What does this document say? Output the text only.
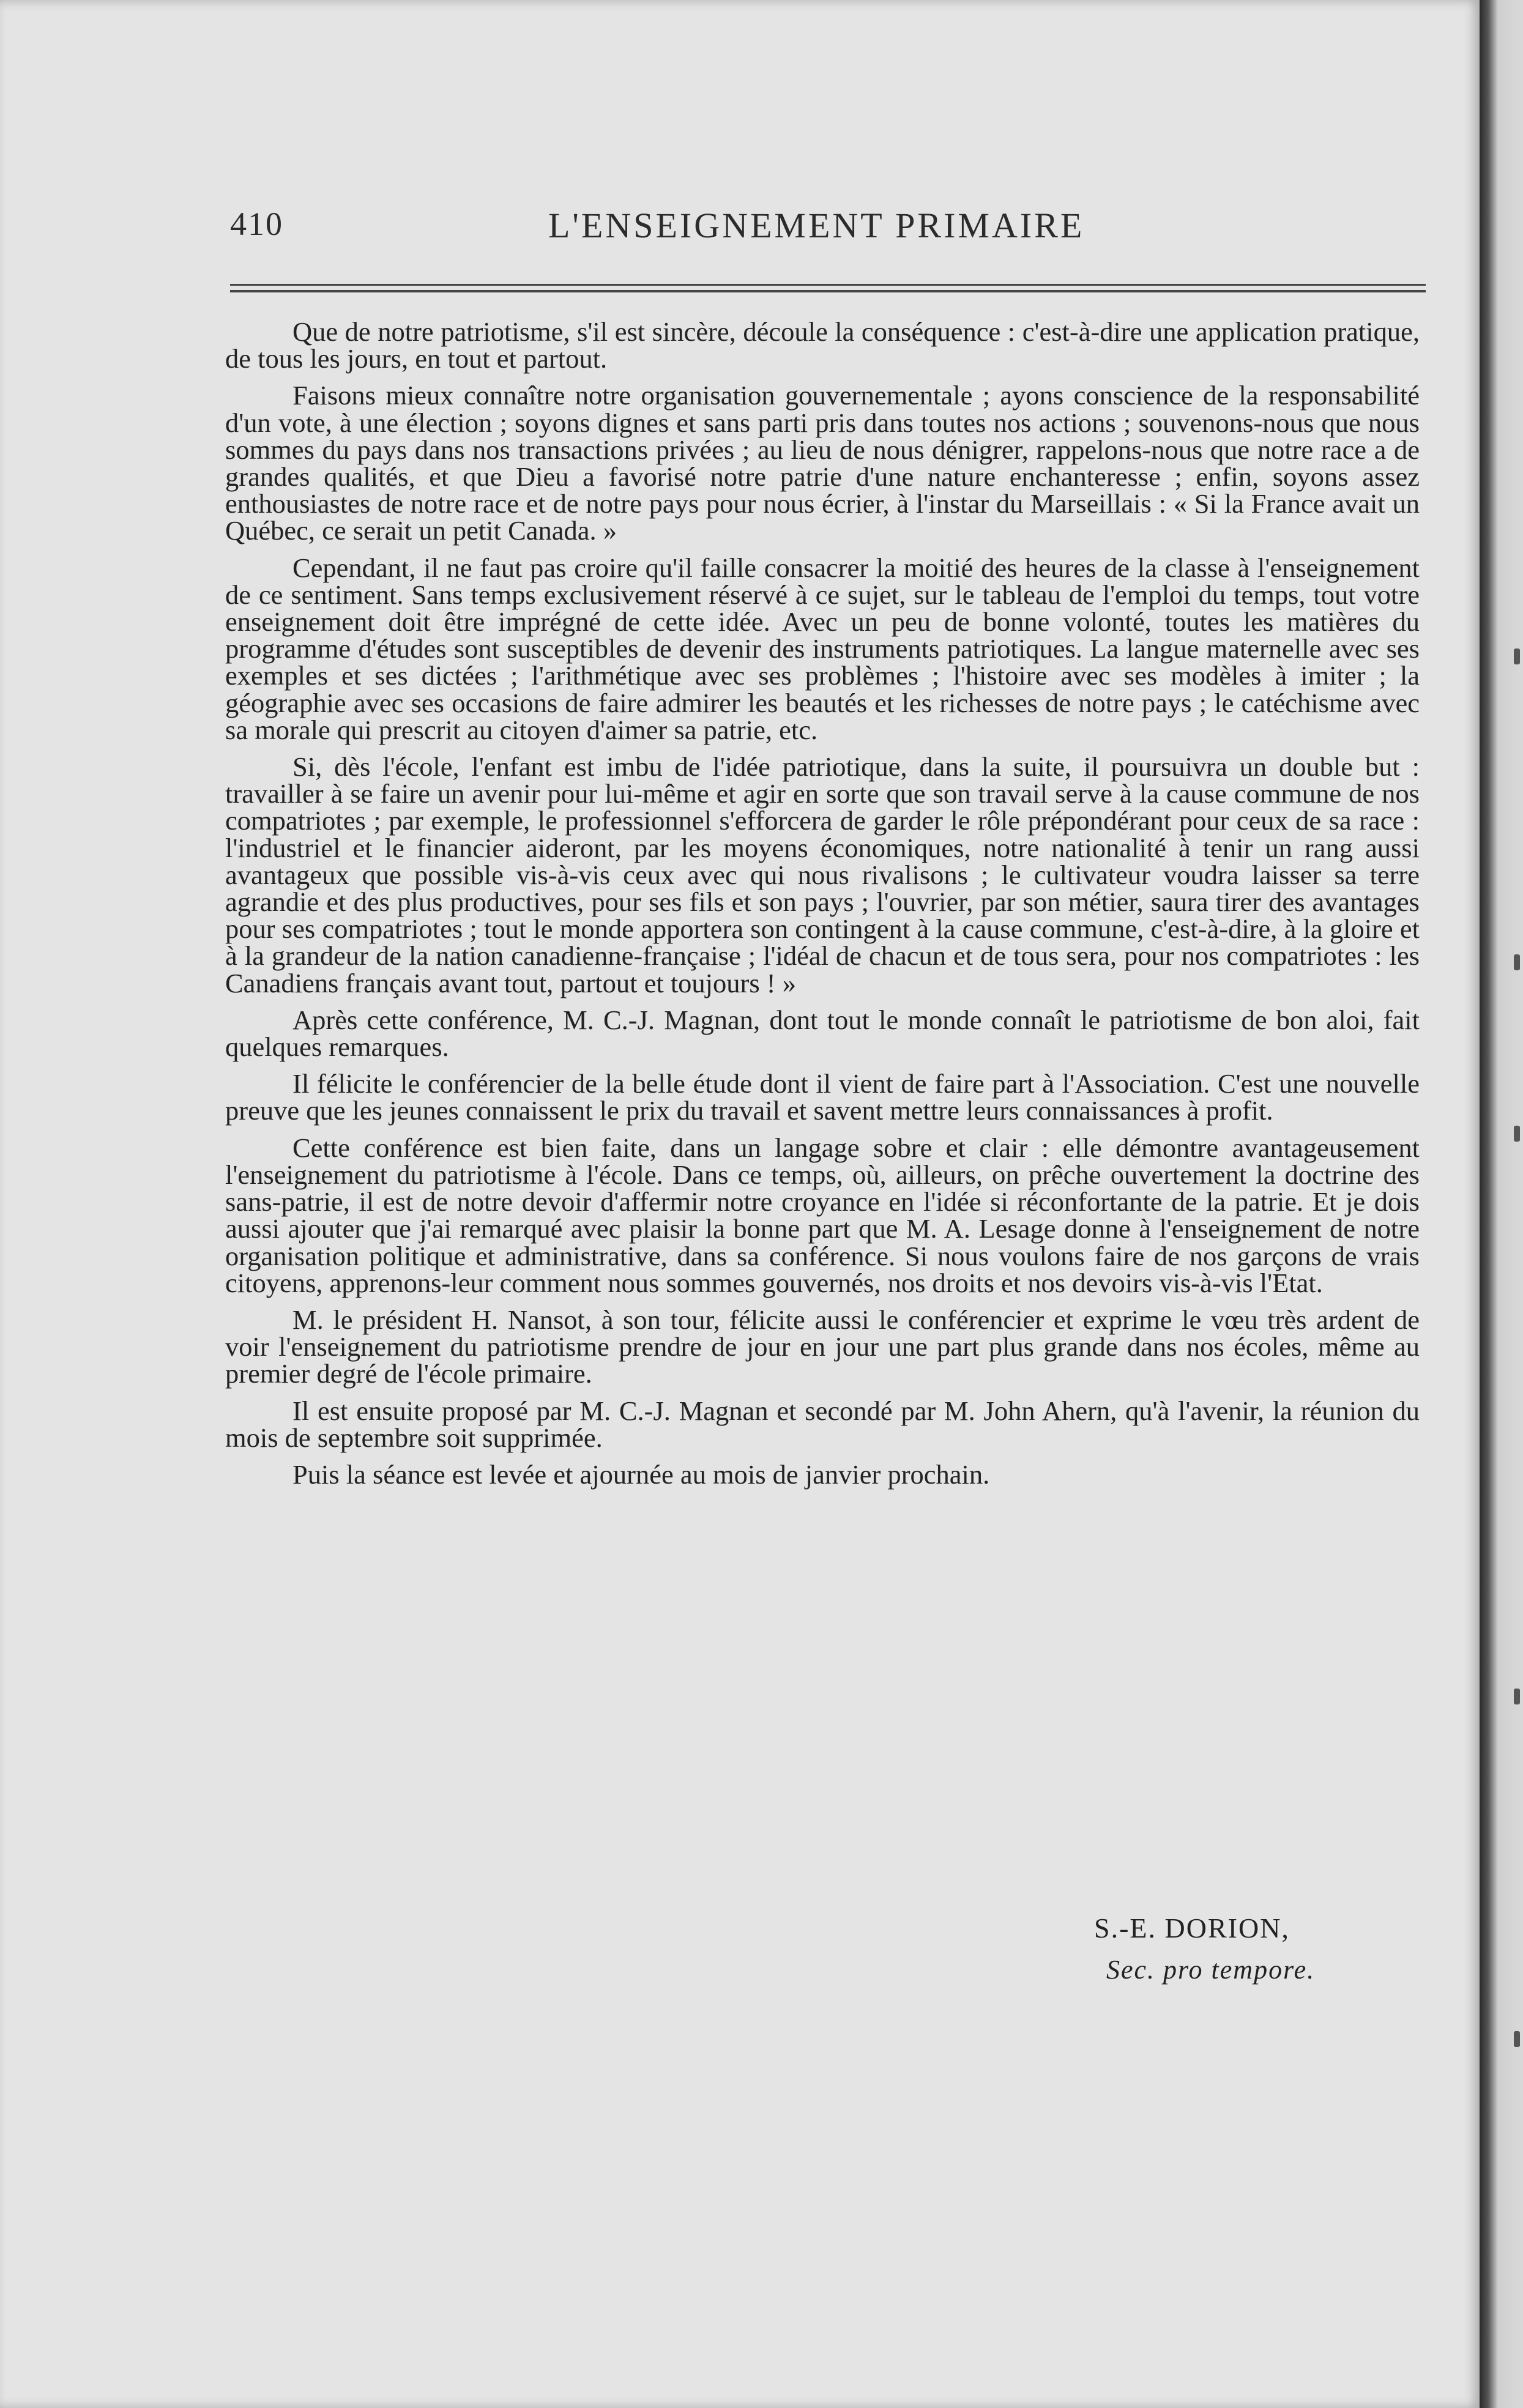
410	L'ENSEIGNEMENT PRIMAIRE

Que de notre patriotisme, s'il est sincère, découle la conséquence : c'est-à-dire une application pratique, de tous les jours, en tout et partout.

Faisons mieux connaître notre organisation gouvernementale ; ayons conscience de la responsabilité d'un vote, à une élection ; soyons dignes et sans parti pris dans toutes nos actions ; souvenons-nous que nous sommes du pays dans nos transactions privées ; au lieu de nous dénigrer, rappelons-nous que notre race a de grandes qualités, et que Dieu a favorisé notre patrie d'une nature enchanteresse ; enfin, soyons assez enthousiastes de notre race et de notre pays pour nous écrier, à l'instar du Marseillais : « Si la France avait un Québec, ce serait un petit Canada. »

Cependant, il ne faut pas croire qu'il faille consacrer la moitié des heures de la classe à l'enseignement de ce sentiment. Sans temps exclusivement réservé à ce sujet, sur le tableau de l'emploi du temps, tout votre enseignement doit être imprégné de cette idée. Avec un peu de bonne volonté, toutes les matières du programme d'études sont susceptibles de devenir des instruments patriotiques. La langue maternelle avec ses exemples et ses dictées ; l'arithmétique avec ses problèmes ; l'histoire avec ses modèles à imiter ; la géographie avec ses occasions de faire admirer les beautés et les richesses de notre pays ; le catéchisme avec sa morale qui prescrit au citoyen d'aimer sa patrie, etc.

Si, dès l'école, l'enfant est imbu de l'idée patriotique, dans la suite, il poursuivra un double but : travailler à se faire un avenir pour lui-même et agir en sorte que son travail serve à la cause commune de nos compatriotes ; par exemple, le professionnel s'efforcera de garder le rôle prépondérant pour ceux de sa race : l'industriel et le financier aideront, par les moyens économiques, notre nationalité à tenir un rang aussi avantageux que possible vis-à-vis ceux avec qui nous rivalisons ; le cultivateur voudra laisser sa terre agrandie et des plus productives, pour ses fils et son pays ; l'ouvrier, par son métier, saura tirer des avantages pour ses compatriotes ; tout le monde apportera son contingent à la cause commune, c'est-à-dire, à la gloire et à la grandeur de la nation canadienne-française ; l'idéal de chacun et de tous sera, pour nos compatriotes : les Canadiens français avant tout, partout et toujours ! »

Après cette conférence, M. C.-J. Magnan, dont tout le monde connaît le patriotisme de bon aloi, fait quelques remarques.

Il félicite le conférencier de la belle étude dont il vient de faire part à l'Association. C'est une nouvelle preuve que les jeunes connaissent le prix du travail et savent mettre leurs connaissances à profit.

Cette conférence est bien faite, dans un langage sobre et clair : elle démontre avantageusement l'enseignement du patriotisme à l'école. Dans ce temps, où, ailleurs, on prêche ouvertement la doctrine des sans-patrie, il est de notre devoir d'affermir notre croyance en l'idée si réconfortante de la patrie. Et je dois aussi ajouter que j'ai remarqué avec plaisir la bonne part que M. A. Lesage donne à l'enseignement de notre organisation politique et administrative, dans sa conférence. Si nous voulons faire de nos garçons de vrais citoyens, apprenons-leur comment nous sommes gouvernés, nos droits et nos devoirs vis-à-vis l'Etat.

M. le président H. Nansot, à son tour, félicite aussi le conférencier et exprime le vœu très ardent de voir l'enseignement du patriotisme prendre de jour en jour une part plus grande dans nos écoles, même au premier degré de l'école primaire.

Il est ensuite proposé par M. C.-J. Magnan et secondé par M. John Ahern, qu'à l'avenir, la réunion du mois de septembre soit supprimée.

Puis la séance est levée et ajournée au mois de janvier prochain.

S.-E. DORION,
Sec. pro tempore.
